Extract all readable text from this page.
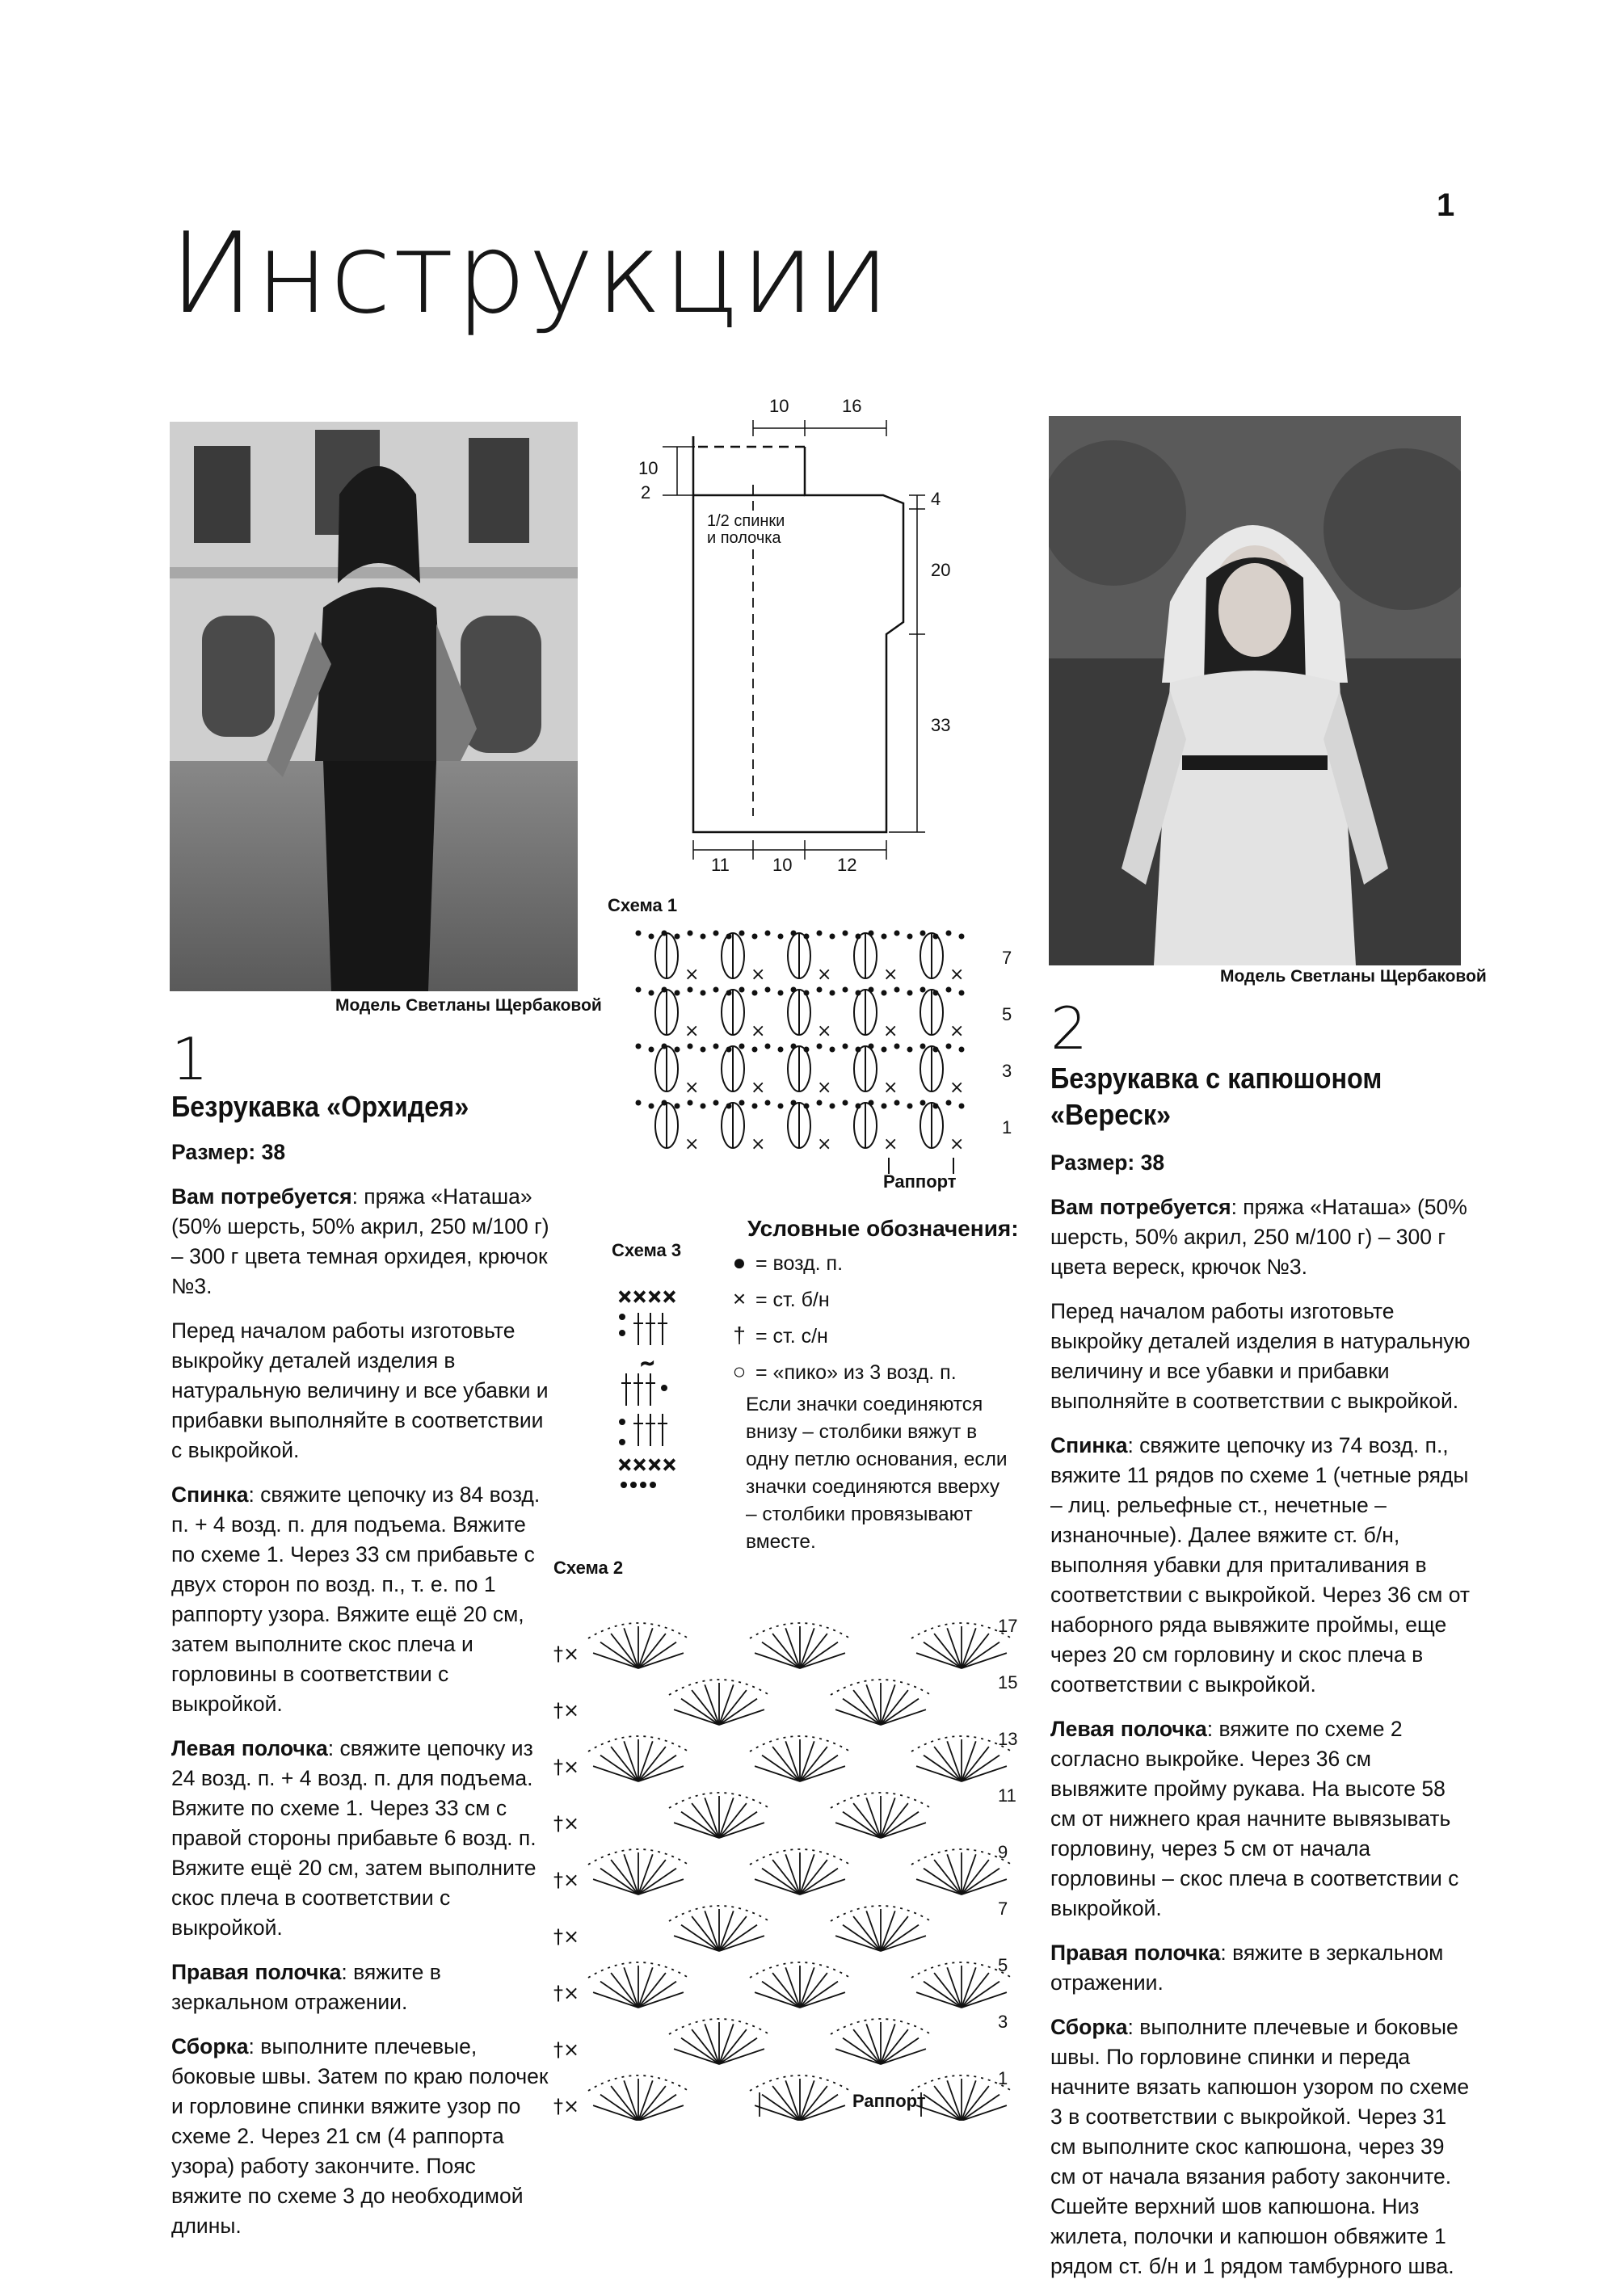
1
Инструкции
Модель Светланы Щербаковой
Модель Светланы Щербаковой
1
Безрукавка «Орхидея»

Размер: 38

Вам потребуется: пряжа «Наташа» (50% шерсть, 50% акрил, 250 м/100 г) – 300 г цвета темная орхидея, крючок №3.

Перед началом работы изготовьте выкройку деталей изделия в натуральную величину и все убавки и прибавки выполняйте в соответствии с выкройкой.

Спинка: свяжите цепочку из 84 возд. п. + 4 возд. п. для подъема. Вяжите по схеме 1. Через 33 см прибавьте с двух сторон по возд. п., т. е. по 1 раппорту узора. Вяжите ещё 20 см, затем выполните скос плеча и горловины в соответствии с выкройкой.

Левая полочка: свяжите цепочку из 24 возд. п. + 4 возд. п. для подъема. Вяжите по схеме 1. Через 33 см с правой стороны прибавьте 6 возд. п. Вяжите ещё 20 см, затем выполните скос плеча в соответствии с выкройкой.

Правая полочка: вяжите в зеркальном отражении.

Сборка: выполните плечевые, боковые швы. Затем по краю полочек и горловине спинки вяжите узор по схеме 2. Через 21 см (4 раппорта узора) работу закончите. Пояс вяжите по схеме 3 до необходимой длины.

2
Безрукавка с капюшоном «Вереск»

Размер: 38

Вам потребуется: пряжа «Наташа» (50% шерсть, 50% акрил, 250 м/100 г) – 300 г цвета вереск, крючок №3.

Перед началом работы изготовьте выкройку деталей изделия в натуральную величину и все убавки и прибавки выполняйте в соответствии с выкройкой.

Спинка: свяжите цепочку из 74 возд. п., вяжите 11 рядов по схеме 1 (четные ряды – лиц. рельефные ст., нечетные – изнаночные). Далее вяжите ст. б/н, выполняя убавки для приталивания в соответствии с выкройкой. Через 36 см от наборного ряда вывяжите проймы, еще через 20 см горловину и скос плеча в соответствии с выкройкой.

Левая полочка: вяжите по схеме 2 согласно выкройке. Через 36 см вывяжите пройму рукава. На высоте 58 см от нижнего края начните вывязывать горловину, через 5 см от начала горловины – скос плеча в соответствии с выкройкой.

Правая полочка: вяжите в зеркальном отражении.

Сборка: выполните плечевые и боковые швы. По горловине спинки и переда начните вязать капюшон узором по схеме 3 в соответствии с выкройкой. Через 31 см выполните скос капюшона, через 39 см от начала вязания работу закончите. Сшейте верхний шов капюшона. Низ жилета, полочки и капюшон обвяжите 1 рядом ст. б/н и 1 рядом тамбурного шва.

10	16
10
2	4
20
33
11 10	12
1/2 спинки и полочка
Схема 1
×	×	×	×	×
7
×	×	×	×	×
5
×	×	×	×	×
3
×	×	×	×	×
1
Раппорт
Схема 3
××××
~
××××
Условные обозначения:
● = возд. п.
× = ст. б/н
† = ст. с/н
○ = «пико» из 3 возд. п.
Если значки соединяются внизу – столбики вяжут в одну петлю основания, если значки соединяются вверху – столбики провязывают вместе.
Схема 2
17
†×
15
†×
13
†×
11
†×
9
†×
7
†×
5
†×
3
†×
1
†×	Раппорт
